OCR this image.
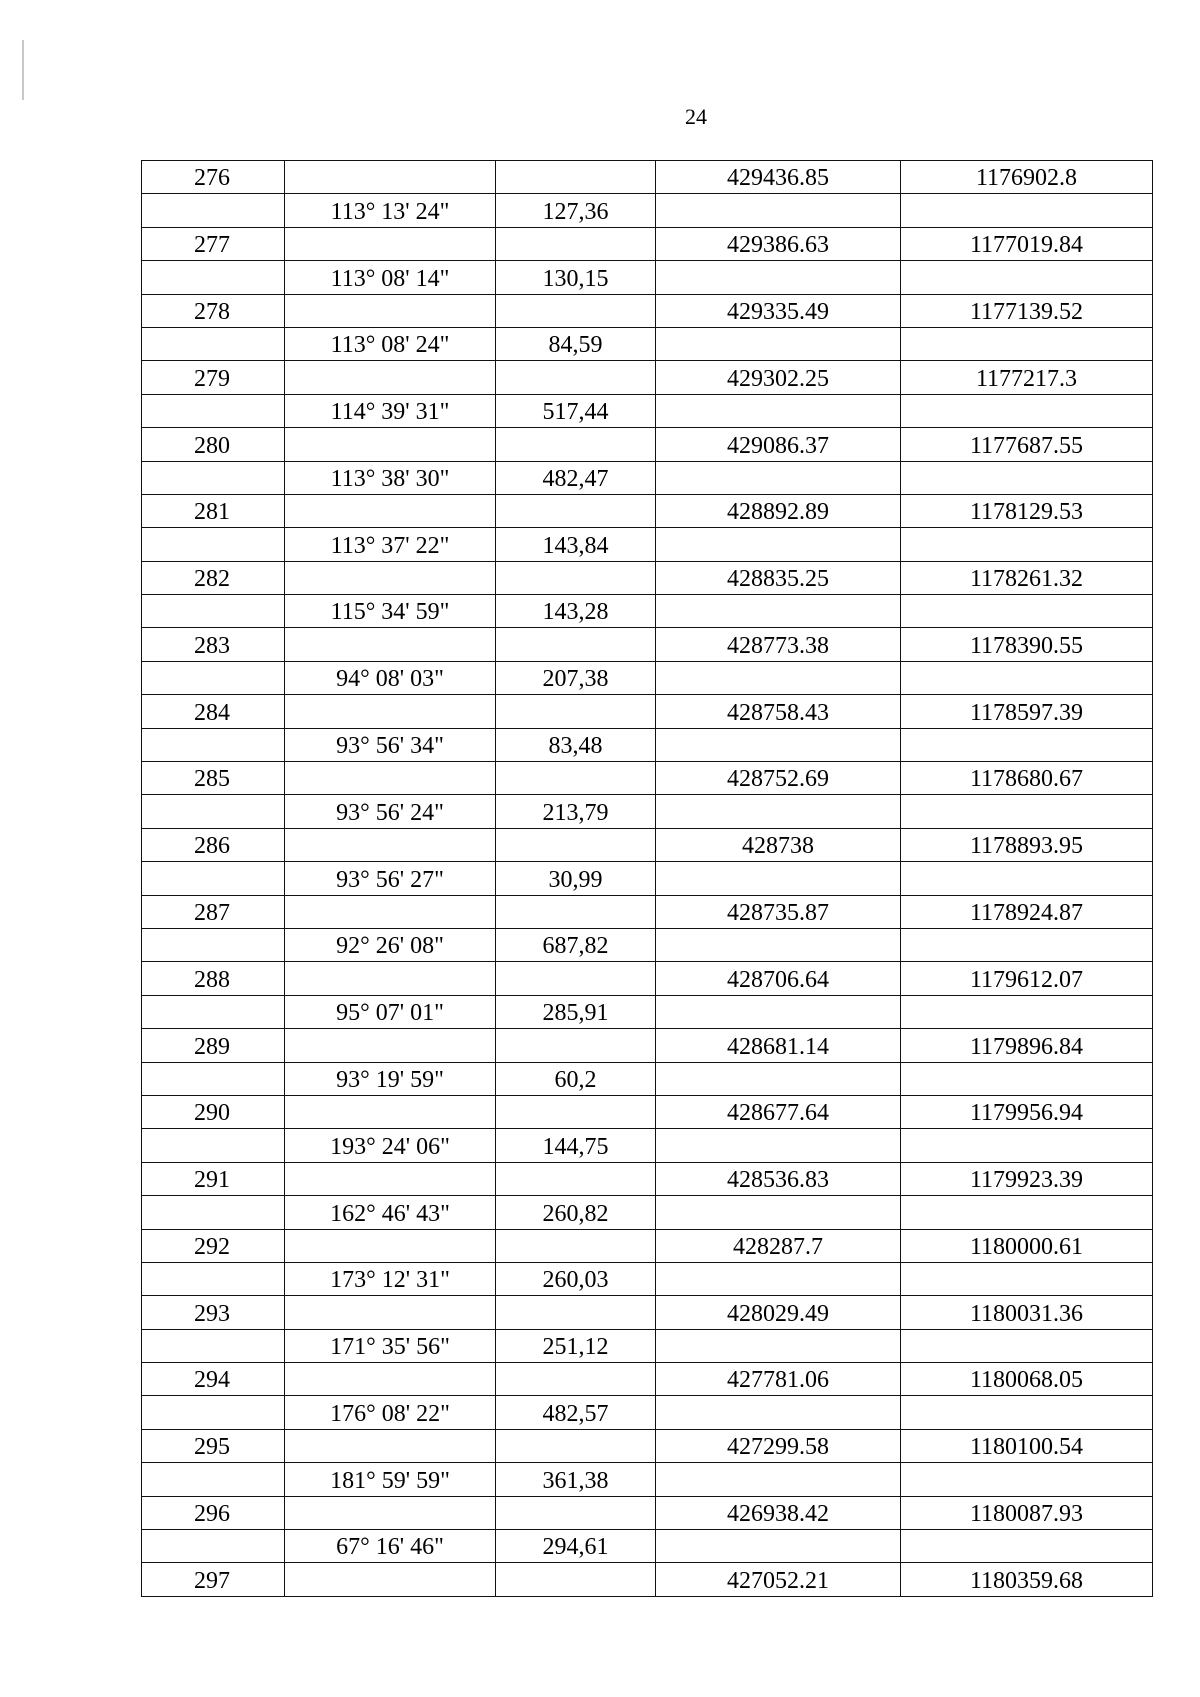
24
276			429436.85	1176902.8
	113° 13' 24"	127,36		
277			429386.63	1177019.84
	113° 08' 14"	130,15		
278			429335.49	1177139.52
	113° 08' 24"	84,59		
279			429302.25	1177217.3
	114° 39' 31"	517,44		
280			429086.37	1177687.55
	113° 38' 30"	482,47		
281			428892.89	1178129.53
	113° 37' 22"	143,84		
282			428835.25	1178261.32
	115° 34' 59"	143,28		
283			428773.38	1178390.55
	94° 08' 03"	207,38		
284			428758.43	1178597.39
	93° 56' 34"	83,48		
285			428752.69	1178680.67
	93° 56' 24"	213,79		
286			428738	1178893.95
	93° 56' 27"	30,99		
287			428735.87	1178924.87
	92° 26' 08"	687,82		
288			428706.64	1179612.07
	95° 07' 01"	285,91		
289			428681.14	1179896.84
	93° 19' 59"	60,2		
290			428677.64	1179956.94
	193° 24' 06"	144,75		
291			428536.83	1179923.39
	162° 46' 43"	260,82		
292			428287.7	1180000.61
	173° 12' 31"	260,03		
293			428029.49	1180031.36
	171° 35' 56"	251,12		
294			427781.06	1180068.05
	176° 08' 22"	482,57		
295			427299.58	1180100.54
	181° 59' 59"	361,38		
296			426938.42	1180087.93
	67° 16' 46"	294,61		
297			427052.21	1180359.68
